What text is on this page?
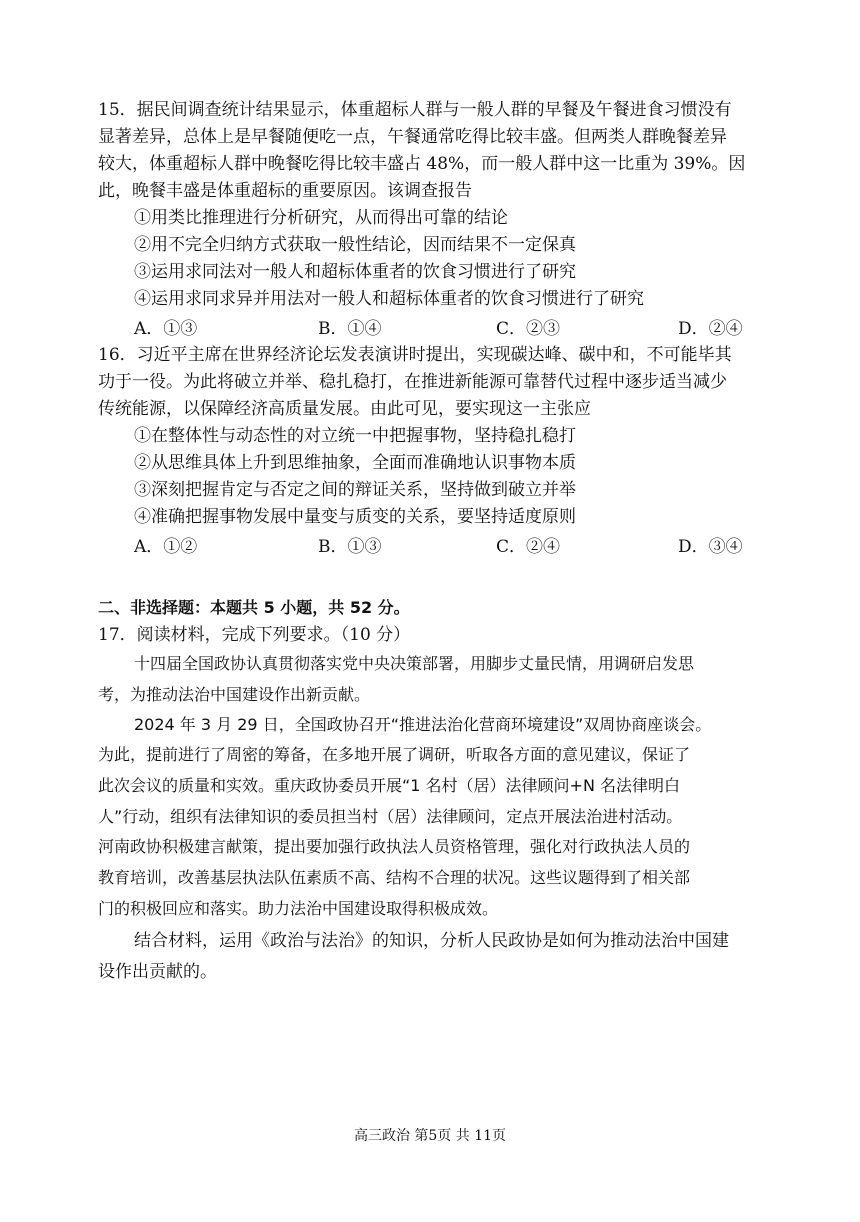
15．据民间调查统计结果显示，体重超标人群与一般人群的早餐及午餐进食习惯没有
显著差异，总体上是早餐随便吃一点，午餐通常吃得比较丰盛。但两类人群晚餐差异
较大，体重超标人群中晚餐吃得比较丰盛占 48%，而一般人群中这一比重为 39%。因
此，晚餐丰盛是体重超标的重要原因。该调查报告
①用类比推理进行分析研究，从而得出可靠的结论
②用不完全归纳方式获取一般性结论，因而结果不一定保真
③运用求同法对一般人和超标体重者的饮食习惯进行了研究
④运用求同求异并用法对一般人和超标体重者的饮食习惯进行了研究
A．①③	B．①④	C．②③	D．②④
16．习近平主席在世界经济论坛发表演讲时提出，实现碳达峰、碳中和，不可能毕其
功于一役。为此将破立并举、稳扎稳打，在推进新能源可靠替代过程中逐步适当减少
传统能源，以保障经济高质量发展。由此可见，要实现这一主张应
①在整体性与动态性的对立统一中把握事物，坚持稳扎稳打
②从思维具体上升到思维抽象，全面而准确地认识事物本质
③深刻把握肯定与否定之间的辩证关系，坚持做到破立并举
④准确把握事物发展中量变与质变的关系，要坚持适度原则
A．①②	B．①③	C．②④	D．③④
二、非选择题：本题共 5 小题，共 52 分。
17．阅读材料，完成下列要求。（10 分）
十四届全国政协认真贯彻落实党中央决策部署，用脚步丈量民情，用调研启发思
考，为推动法治中国建设作出新贡献。
2024 年 3 月 29 日，全国政协召开“推进法治化营商环境建设”双周协商座谈会。
为此，提前进行了周密的筹备，在多地开展了调研，听取各方面的意见建议，保证了
此次会议的质量和实效。重庆政协委员开展“1 名村（居）法律顾问+N 名法律明白
人”行动，组织有法律知识的委员担当村（居）法律顾问，定点开展法治进村活动。
河南政协积极建言献策，提出要加强行政执法人员资格管理，强化对行政执法人员的
教育培训，改善基层执法队伍素质不高、结构不合理的状况。这些议题得到了相关部
门的积极回应和落实。助力法治中国建设取得积极成效。
结合材料，运用《政治与法治》的知识，分析人民政协是如何为推动法治中国建
设作出贡献的。
高三政治 第5页 共 11页
